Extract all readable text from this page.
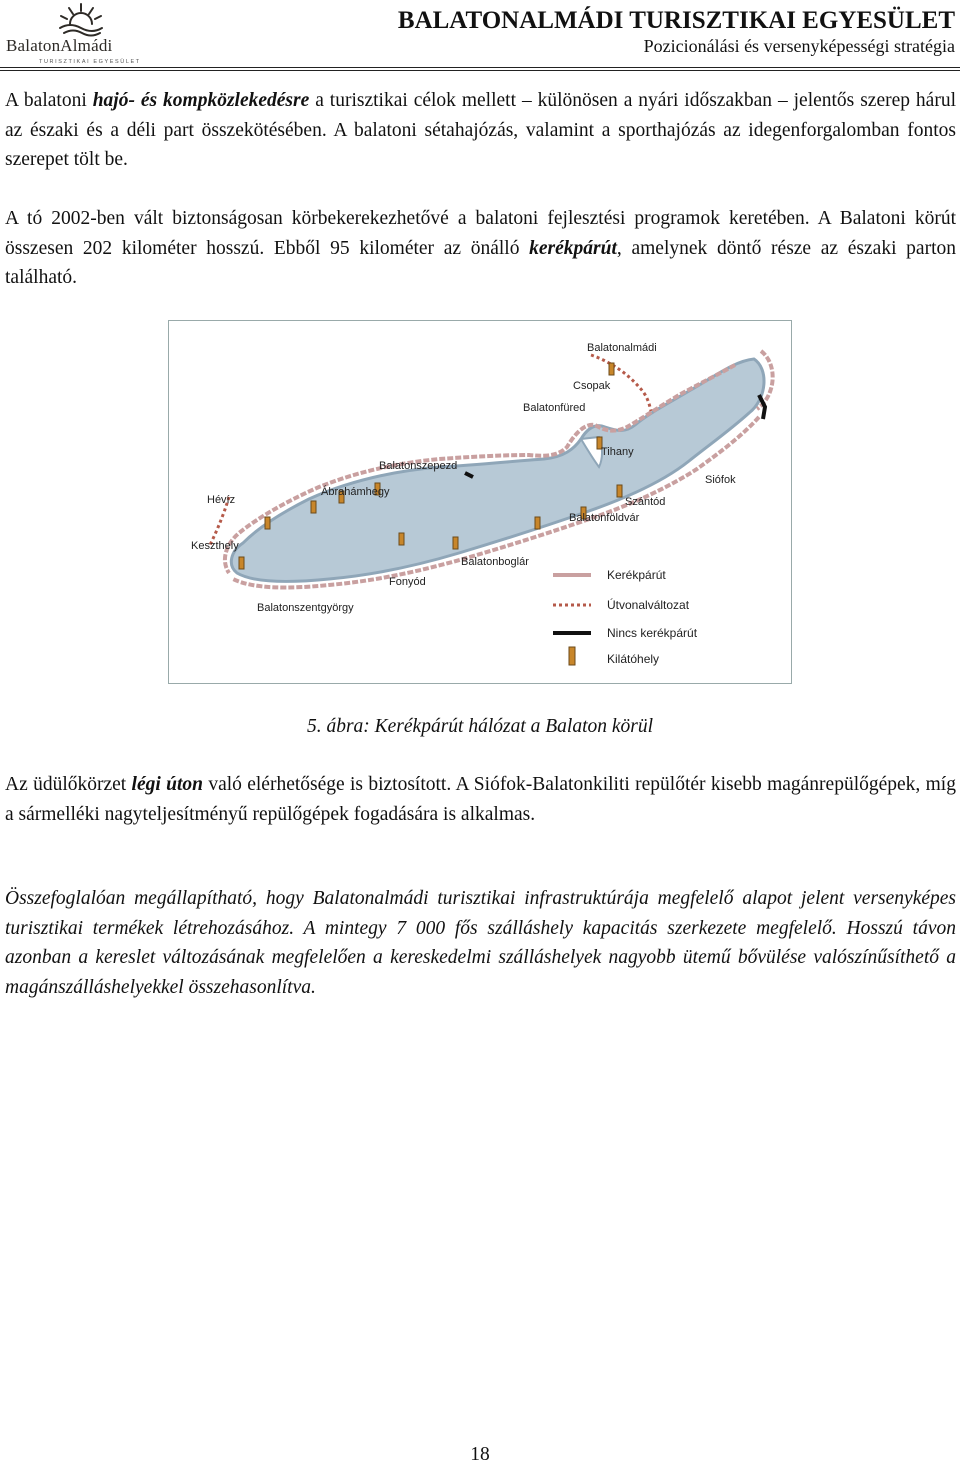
BalatonAlmádi
TURISZTIKAI EGYESÜLET
BALATONALMÁDI TURISZTIKAI EGYESÜLET
Pozicionálási és versenyképességi stratégia

A balatoni hajó- és kompközlekedésre a turisztikai célok mellett – különösen a nyári időszakban – jelentős szerep hárul az északi és a déli part összekötésében. A balatoni sétahajózás, valamint a sporthajózás az idegenforgalomban fontos szerepet tölt be.

A tó 2002-ben vált biztonságosan körbekerekezhetővé a balatoni fejlesztési programok keretében. A Balatoni körút összesen 202 kilométer hosszú. Ebből 95 kilométer az önálló kerékpárút, amelynek döntő része az északi parton található.

Balatonalmádi
Csopak
Balatonfüred
Tihany
Siófok
Szántód
Balatonföldvár
Balatonszepezd
Ábrahámhegy
Hévíz
Keszthely
Balatonboglár
Fonyód
Balatonszentgyörgy
Kerékpárút
Útvonalváltozat
Nincs kerékpárút
Kilátóhely
5. ábra: Kerékpárút hálózat a Balaton körül

Az üdülőkörzet légi úton való elérhetősége is biztosított. A Siófok-Balatonkiliti repülőtér kisebb magánrepülőgépek, míg a sármelléki nagyteljesítményű repülőgépek fogadására is alkalmas.

Összefoglalóan megállapítható, hogy Balatonalmádi turisztikai infrastruktúrája megfelelő alapot jelent versenyképes turisztikai termékek létrehozásához. A mintegy 7 000 fős szálláshely kapacitás szerkezete megfelelő. Hosszú távon azonban a kereslet változásának megfelelően a kereskedelmi szálláshelyek nagyobb ütemű bővülése valószínűsíthető a magánszálláshelyekkel összehasonlítva.

18
